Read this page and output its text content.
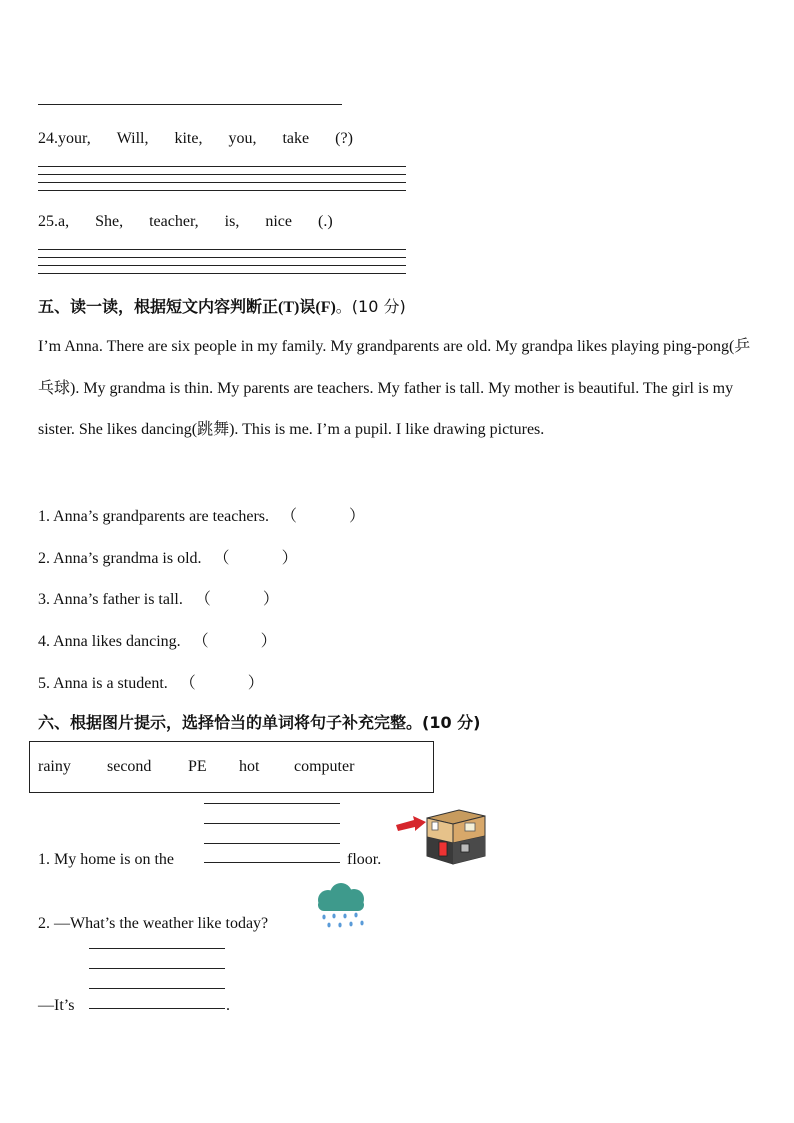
24.your, Will, kite, you, take (?)
25.a, She, teacher, is, nice (.)
五、读一读，根据短文内容判断正(T)误(F)。(10 分)
I’m Anna. There are six people in my family. My grandparents are old. My grandpa likes playing ping-pong(乒乓球). My grandma is thin. My parents are teachers. My father is tall. My mother is beautiful. The girl is my sister. She likes dancing(跳舞). This is me. I’m a pupil. I like drawing pictures.
1. Anna’s grandparents are teachers. （	）
2. Anna’s grandma is old. （	）
3. Anna’s father is tall. （	）
4. Anna likes dancing. （	）
5. Anna is a student. （	）
六、根据图片提示，选择恰当的单词将句子补充完整。(10 分)
rainy second PE hot computer
1. My home is on the	floor.
2. —What’s the weather like today?
—It’s	.
